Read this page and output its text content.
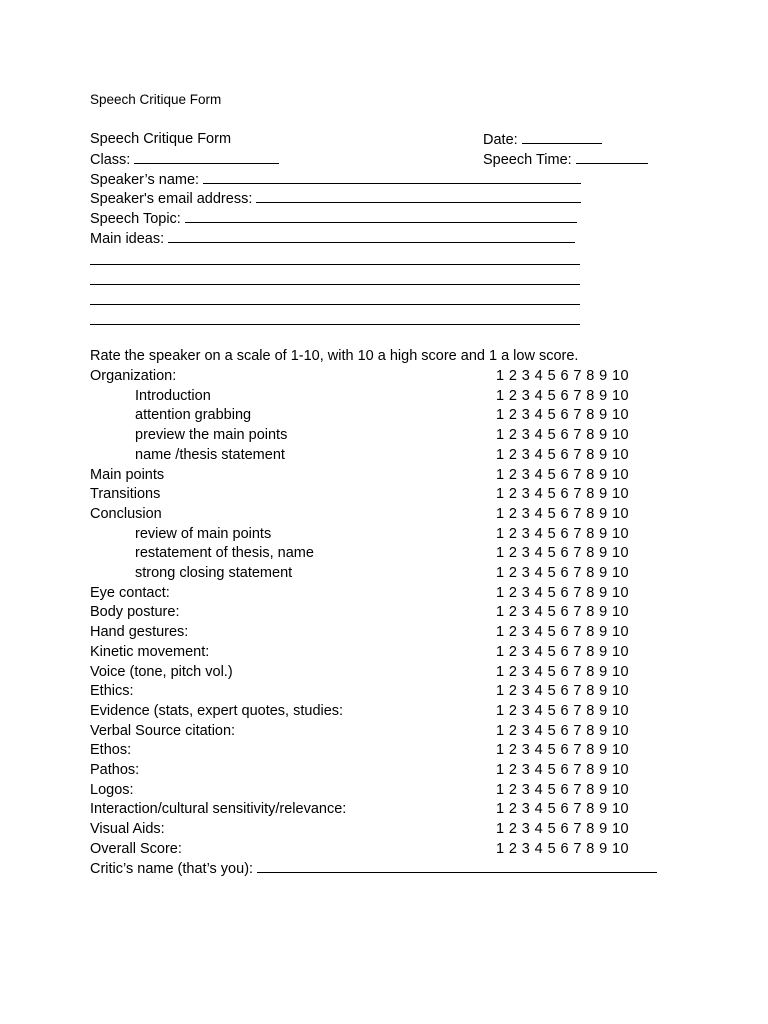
Speech Critique Form
Speech Critique Form	Date:
Class:	Speech Time:
Speaker’s name:
Speaker's email address:
Speech Topic:
Main ideas:
Rate the speaker on a scale of 1-10, with 10 a high score and 1 a low score.
Organization:	1 2 3 4 5 6 7 8 9 10
Introduction	1 2 3 4 5 6 7 8 9 10
attention grabbing	1 2 3 4 5 6 7 8 9 10
preview the main points	1 2 3 4 5 6 7 8 9 10
name /thesis statement	1 2 3 4 5 6 7 8 9 10
Main points	1 2 3 4 5 6 7 8 9 10
Transitions	1 2 3 4 5 6 7 8 9 10
Conclusion	1 2 3 4 5 6 7 8 9 10
review of main points	1 2 3 4 5 6 7 8 9 10
restatement of thesis, name	1 2 3 4 5 6 7 8 9 10
strong closing statement	1 2 3 4 5 6 7 8 9 10
Eye contact:	1 2 3 4 5 6 7 8 9 10
Body posture:	1 2 3 4 5 6 7 8 9 10
Hand gestures:	1 2 3 4 5 6 7 8 9 10
Kinetic movement:	1 2 3 4 5 6 7 8 9 10
Voice (tone, pitch vol.)	1 2 3 4 5 6 7 8 9 10
Ethics:	1 2 3 4 5 6 7 8 9 10
Evidence (stats, expert quotes, studies:	1 2 3 4 5 6 7 8 9 10
Verbal Source citation:	1 2 3 4 5 6 7 8 9 10
Ethos:	1 2 3 4 5 6 7 8 9 10
Pathos:	1 2 3 4 5 6 7 8 9 10
Logos:	1 2 3 4 5 6 7 8 9 10
Interaction/cultural sensitivity/relevance:	1 2 3 4 5 6 7 8 9 10
Visual Aids:	1 2 3 4 5 6 7 8 9 10
Overall Score:	1 2 3 4 5 6 7 8 9 10
Critic’s name (that’s you):
